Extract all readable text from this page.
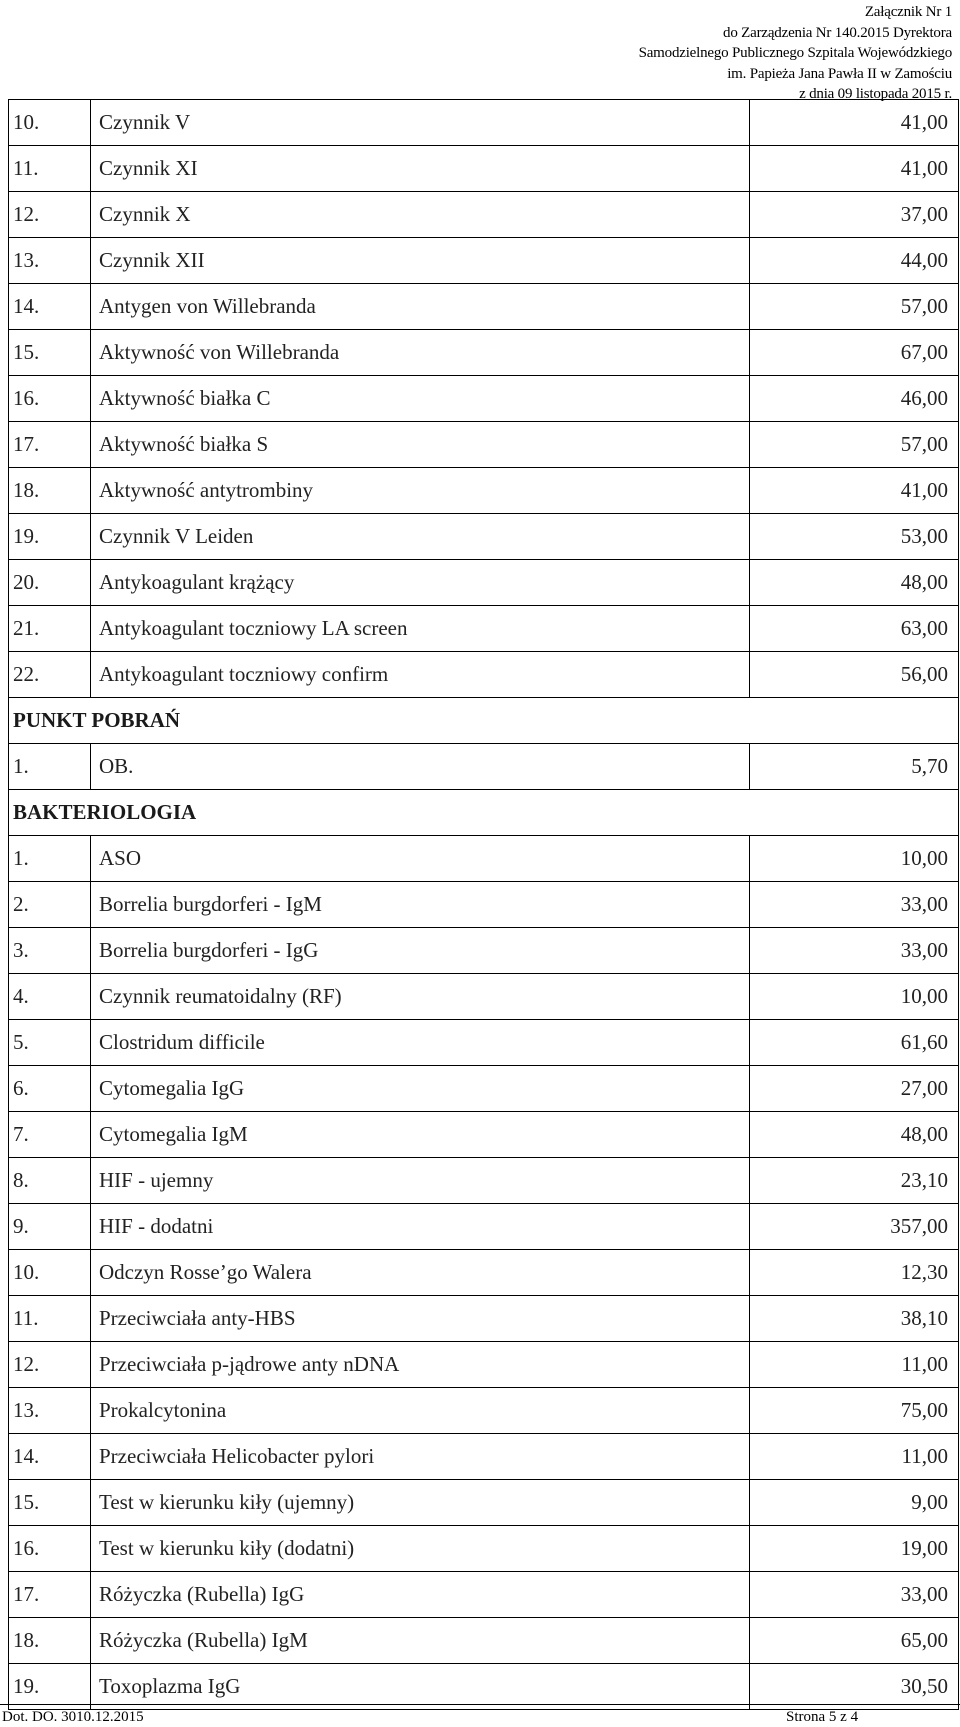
Załącznik Nr 1
do Zarządzenia Nr 140.2015 Dyrektora
Samodzielnego Publicznego Szpitala Wojewódzkiego
im. Papieża Jana Pawła II w Zamościu
z dnia 09 listopada 2015 r.
10.	Czynnik V	41,00
11.	Czynnik XI	41,00
12.	Czynnik X	37,00
13.	Czynnik XII	44,00
14.	Antygen von Willebranda	57,00
15.	Aktywność von Willebranda	67,00
16.	Aktywność białka C	46,00
17.	Aktywność białka S	57,00
18.	Aktywność antytrombiny	41,00
19.	Czynnik V Leiden	53,00
20.	Antykoagulant krążący	48,00
21.	Antykoagulant toczniowy LA screen	63,00
22.	Antykoagulant toczniowy confirm	56,00
PUNKT POBRAŃ		
1.	OB.	5,70
BAKTERIOLOGIA		
1.	ASO	10,00
2.	Borrelia burgdorferi - IgM	33,00
3.	Borrelia burgdorferi - IgG	33,00
4.	Czynnik reumatoidalny (RF)	10,00
5.	Clostridum difficile	61,60
6.	Cytomegalia IgG	27,00
7.	Cytomegalia IgM	48,00
8.	HIF - ujemny	23,10
9.	HIF - dodatni	357,00
10.	Odczyn Rosse’go Walera	12,30
11.	Przeciwciała anty-HBS	38,10
12.	Przeciwciała p-jądrowe anty nDNA	11,00
13.	Prokalcytonina	75,00
14.	Przeciwciała Helicobacter pylori	11,00
15.	Test w kierunku kiły (ujemny)	9,00
16.	Test w kierunku kiły (dodatni)	19,00
17.	Różyczka (Rubella) IgG	33,00
18.	Różyczka (Rubella) IgM	65,00
19.	Toxoplazma IgG	30,50
Dot. DO. 3010.12.2015	Strona 5 z 4
